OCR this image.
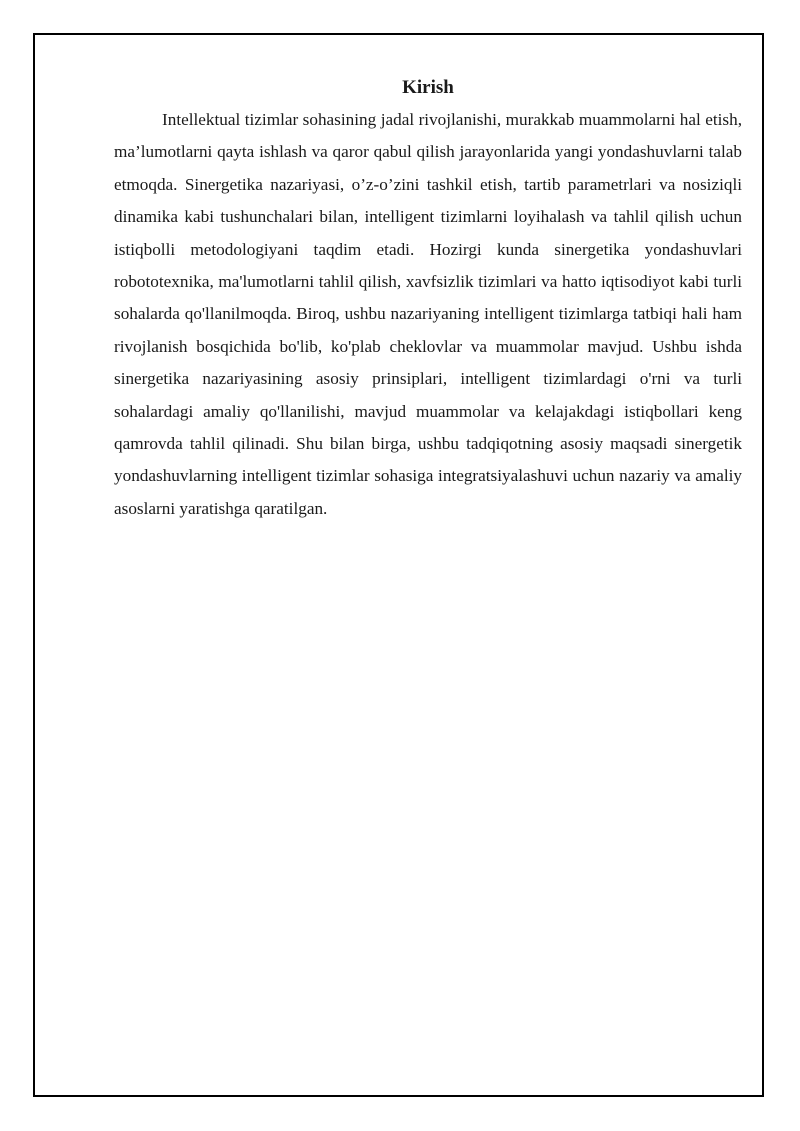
Kirish

Intellektual tizimlar sohasining jadal rivojlanishi, murakkab muammolarni hal etish, ma’lumotlarni qayta ishlash va qaror qabul qilish jarayonlarida yangi yondashuvlarni talab etmoqda. Sinergetika nazariyasi, o’z-o’zini tashkil etish, tartib parametrlari va nosiziqli dinamika kabi tushunchalari bilan, intelligent tizimlarni loyihalash va tahlil qilish uchun istiqbolli metodologiyani taqdim etadi. Hozirgi kunda sinergetika yondashuvlari robototexnika, ma'lumotlarni tahlil qilish, xavfsizlik tizimlari va hatto iqtisodiyot kabi turli sohalarda qo'llanilmoqda. Biroq, ushbu nazariyaning intelligent tizimlarga tatbiqi hali ham rivojlanish bosqichida bo'lib, ko'plab cheklovlar va muammolar mavjud. Ushbu ishda sinergetika nazariyasining asosiy prinsiplari, intelligent tizimlardagi o'rni va turli sohalardagi amaliy qo'llanilishi, mavjud muammolar va kelajakdagi istiqbollari keng qamrovda tahlil qilinadi. Shu bilan birga, ushbu tadqiqotning asosiy maqsadi sinergetik yondashuvlarning intelligent tizimlar sohasiga integratsiyalashuvi uchun nazariy va amaliy asoslarni yaratishga qaratilgan.
